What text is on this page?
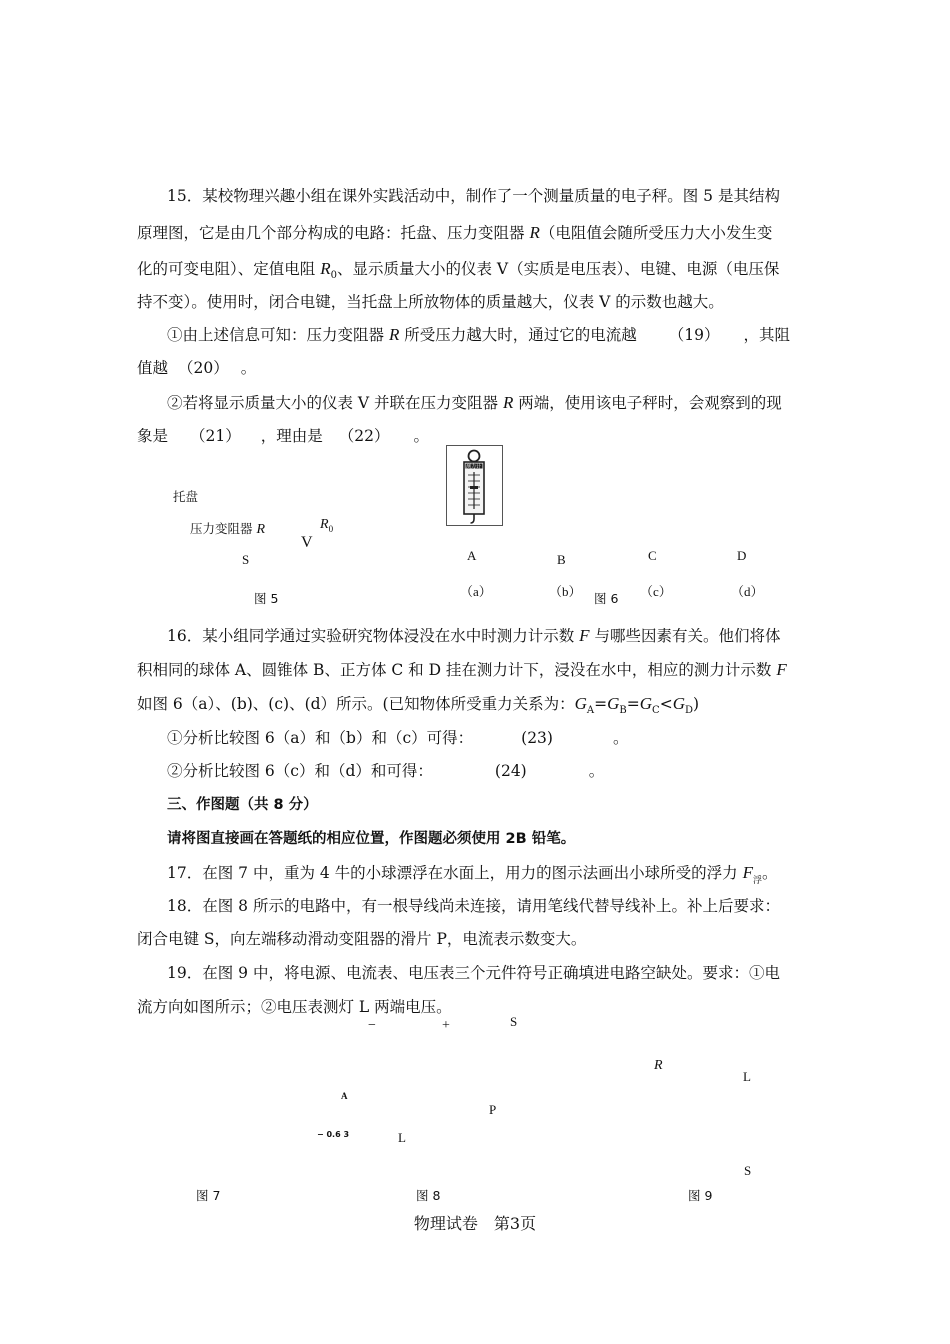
15．某校物理兴趣小组在课外实践活动中，制作了一个测量质量的电子秤。图 5 是其结构
原理图，它是由几个部分构成的电路：托盘、压力变阻器 R（电阻值会随所受压力大小发生变
化的可变电阻）、定值电阻 $R_0$、显示质量大小的仪表 V（实质是电压表）、电键、电源（电压保
持不变）。使用时，闭合电键，当托盘上所放物体的质量越大，仪表 V 的示数也越大。
①由上述信息可知：压力变阻器 R 所受压力越大时，通过它的电流越 （19） ，其阻
值越 （20） 。
②若将显示质量大小的仪表 V 并联在压力变阻器 R 两端，使用该电子秤时，会观察到的现
象是 （21） ，理由是 （22） 。
托盘
压力变阻器 R	$R_0$
V
S
图 5
测力计
A	B	C	D
（a）	（b）	（c）	（d）
图 6
16．某小组同学通过实验研究物体浸没在水中时测力计示数 F 与哪些因素有关。他们将体
积相同的球体 A、圆锥体 B、正方体 C 和 D 挂在测力计下，浸没在水中，相应的测力计示数 F
如图 6（a）、(b)、(c)、(d）所示。(已知物体所受重力关系为：$G_A=G_B=G_C<G_D$)
①分析比较图 6（a）和（b）和（c）可得：	(23)	。
②分析比较图 6（c）和（d）和可得：	(24)	。
三、作图题（共 8 分）
请将图直接画在答题纸的相应位置，作图题必须使用 2B 铅笔。
17．在图 7 中，重为 4 牛的小球漂浮在水面上，用力的图示法画出小球所受的浮力 $F_浮$。
18．在图 8 所示的电路中，有一根导线尚未连接，请用笔线代替导线补上。补上后要求：
闭合电键 S，向左端移动滑动变阻器的滑片 P，电流表示数变大。
19．在图 9 中，将电源、电流表、电压表三个元件符号正确填进电路空缺处。要求：①电
流方向如图所示；②电压表测灯 L 两端电压。
−	+	S
A
− 0.6 3
P
L
R
L
S
图 7	图 8	图 9
物理试卷　第3页
